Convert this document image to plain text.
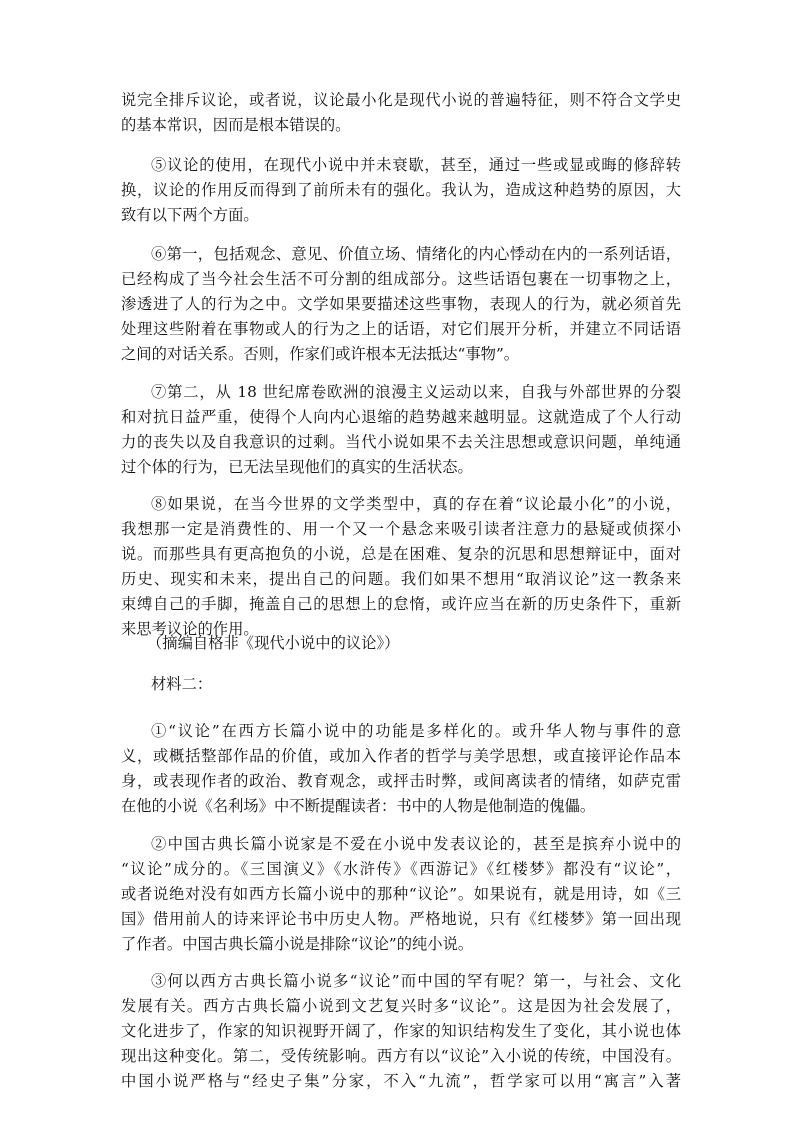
说完全排斥议论，或者说，议论最小化是现代小说的普遍特征，则不符合文学史
的基本常识，因而是根本错误的。
⑤议论的使用，在现代小说中并未衰歇，甚至，通过一些或显或晦的修辞转
换，议论的作用反而得到了前所未有的强化。我认为，造成这种趋势的原因，大
致有以下两个方面。
⑥第一，包括观念、意见、价值立场、情绪化的内心悸动在内的一系列话语，
已经构成了当今社会生活不可分割的组成部分。这些话语包裹在一切事物之上，
渗透进了人的行为之中。文学如果要描述这些事物，表现人的行为，就必须首先
处理这些附着在事物或人的行为之上的话语，对它们展开分析，并建立不同话语
之间的对话关系。否则，作家们或许根本无法抵达“事物”。
⑦第二，从 18 世纪席卷欧洲的浪漫主义运动以来，自我与外部世界的分裂
和对抗日益严重，使得个人向内心退缩的趋势越来越明显。这就造成了个人行动
力的丧失以及自我意识的过剩。当代小说如果不去关注思想或意识问题，单纯通
过个体的行为，已无法呈现他们的真实的生活状态。
⑧如果说，在当今世界的文学类型中，真的存在着“议论最小化”的小说，
我想那一定是消费性的、用一个又一个悬念来吸引读者注意力的悬疑或侦探小
说。而那些具有更高抱负的小说，总是在困难、复杂的沉思和思想辩证中，面对
历史、现实和未来，提出自己的问题。我们如果不想用“取消议论”这一教条来
束缚自己的手脚，掩盖自己的思想上的怠惰，或许应当在新的历史条件下，重新
来思考议论的作用。
（摘编自格非《现代小说中的议论》）
材料二：
①“议论”在西方长篇小说中的功能是多样化的。或升华人物与事件的意
义，或概括整部作品的价值，或加入作者的哲学与美学思想，或直接评论作品本
身，或表现作者的政治、教育观念，或抨击时弊，或间离读者的情绪，如萨克雷
在他的小说《名利场》中不断提醒读者：书中的人物是他制造的傀儡。
②中国古典长篇小说家是不爱在小说中发表议论的，甚至是摈弃小说中的
“议论”成分的。《三国演义》《水浒传》《西游记》《红楼梦》都没有“议论”，
或者说绝对没有如西方长篇小说中的那种“议论”。如果说有，就是用诗，如《三
国》借用前人的诗来评论书中历史人物。严格地说，只有《红楼梦》第一回出现
了作者。中国古典长篇小说是排除“议论”的纯小说。
③何以西方古典长篇小说多“议论”而中国的罕有呢？第一，与社会、文化
发展有关。西方古典长篇小说到文艺复兴时多“议论”。这是因为社会发展了，
文化进步了，作家的知识视野开阔了，作家的知识结构发生了变化，其小说也体
现出这种变化。第二，受传统影响。西方有以“议论”入小说的传统，中国没有。
中国小说严格与“经史子集”分家，不入“九流”，哲学家可以用“寓言”入著
